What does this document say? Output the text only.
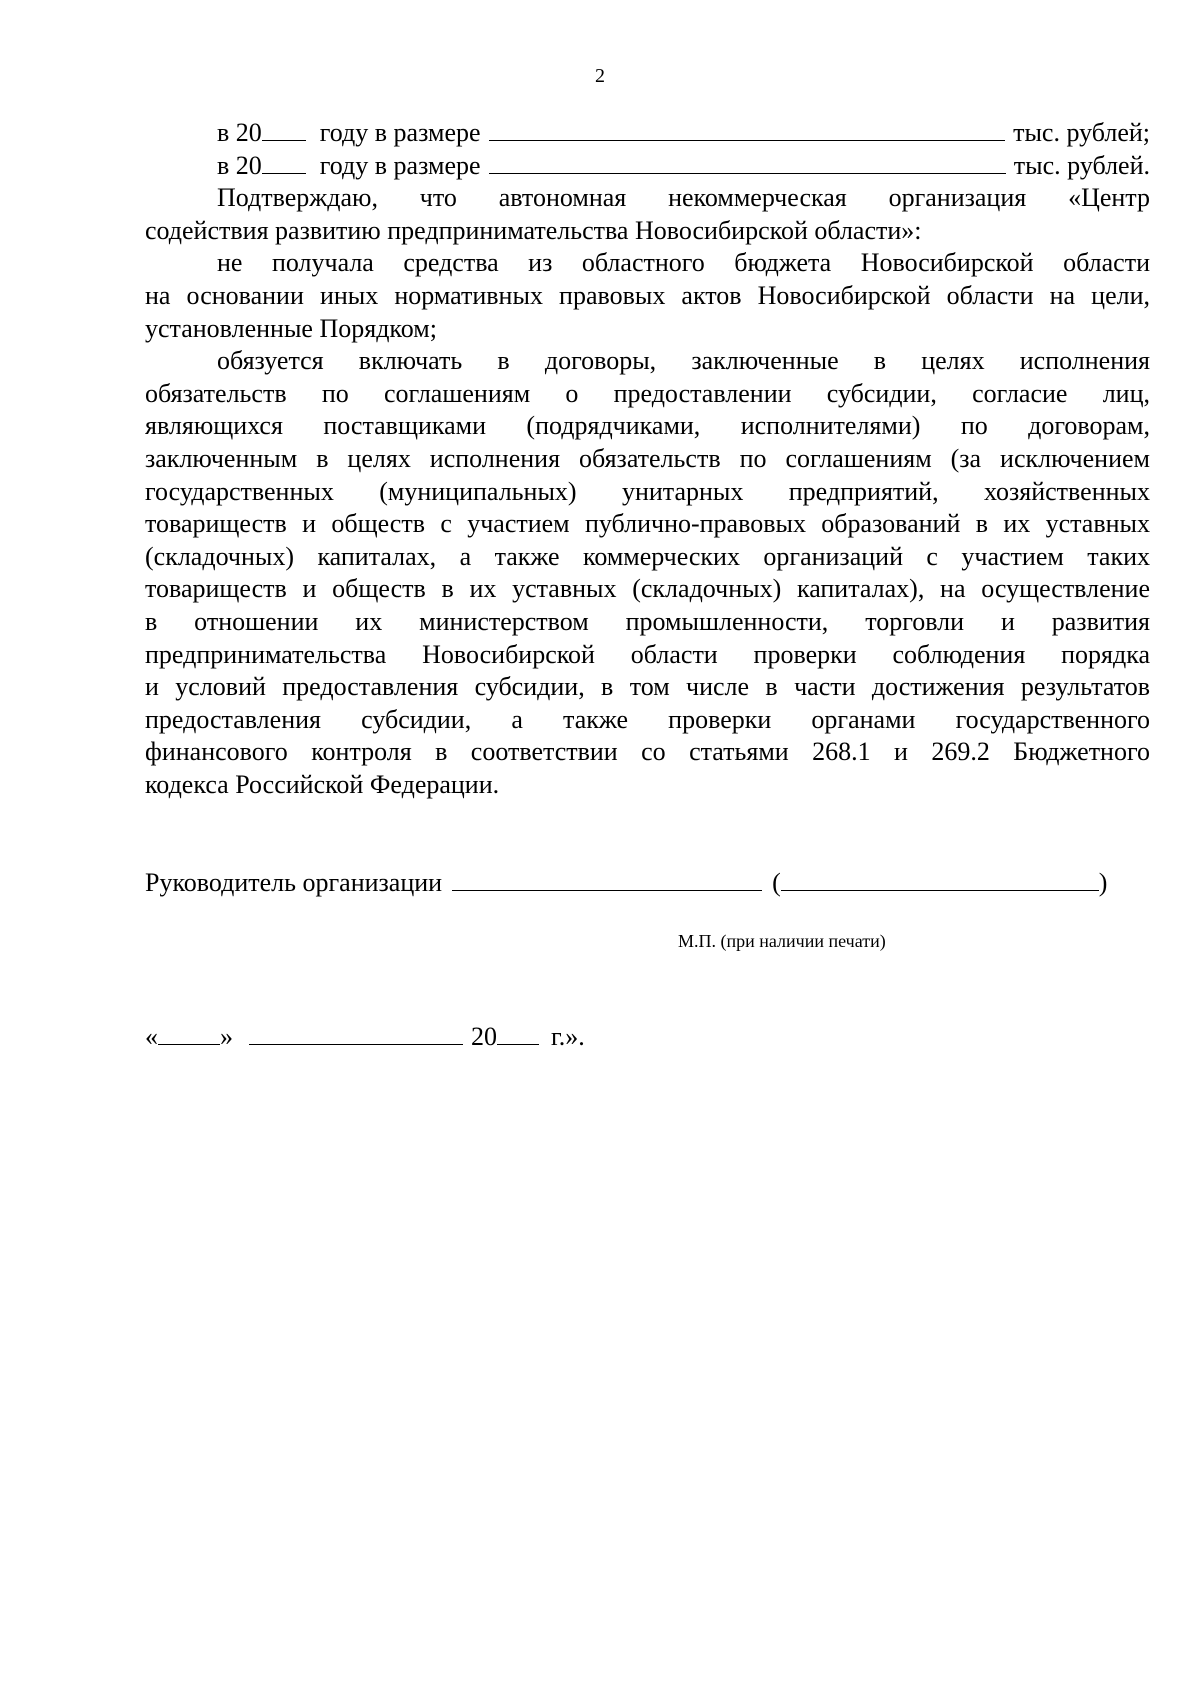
2
в 20 году в размере	тыс. рублей;
в 20 году в размере	тыс. рублей.
Подтверждаю, что автономная некоммерческая организация «Центр
содействия развитию предпринимательства Новосибирской области»:
не получала средства из областного бюджета Новосибирской области
на основании иных нормативных правовых актов Новосибирской области на цели,
установленные Порядком;
обязуется включать в договоры, заключенные в целях исполнения
обязательств по соглашениям о предоставлении субсидии, согласие лиц,
являющихся поставщиками (подрядчиками, исполнителями) по договорам,
заключенным в целях исполнения обязательств по соглашениям (за исключением
государственных (муниципальных) унитарных предприятий, хозяйственных
товариществ и обществ с участием публично-правовых образований в их уставных
(складочных) капиталах, а также коммерческих организаций с участием таких
товариществ и обществ в их уставных (складочных) капиталах), на осуществление
в отношении их министерством промышленности, торговли и развития
предпринимательства Новосибирской области проверки соблюдения порядка
и условий предоставления субсидии, в том числе в части достижения результатов
предоставления субсидии, а также проверки органами государственного
финансового контроля в соответствии со статьями 268.1 и 269.2 Бюджетного
кодекса Российской Федерации.
Руководитель организации	(	)
М.П. (при наличии печати)
« »	20 г.».
